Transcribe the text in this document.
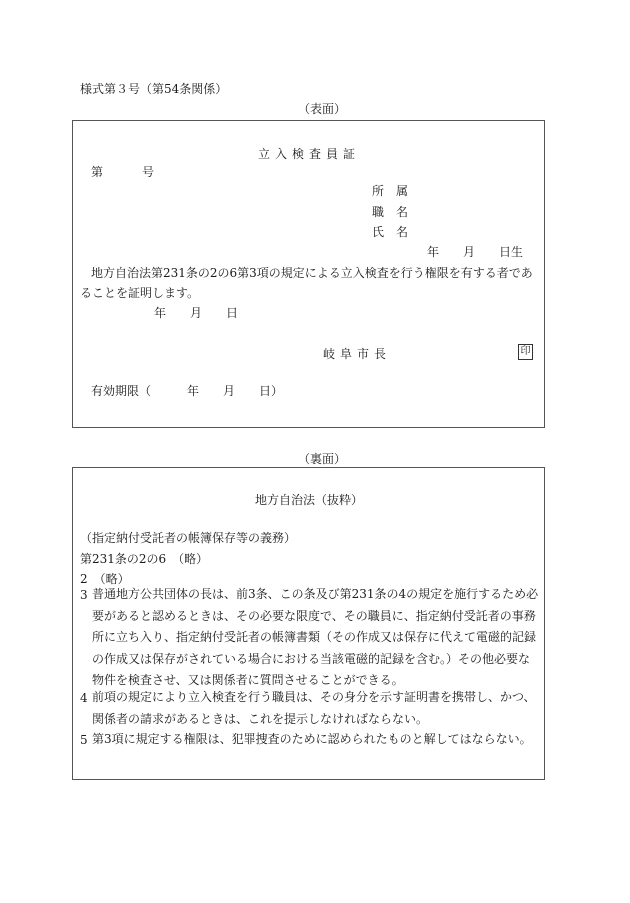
様式第３号（第54条関係）
（表面）
立入検査員証
第	号
所　属
職　名
氏　名
年　　月　　日生
地方自治法第231条の2の6第3項の規定による立入検査を行う権限を有する者であ
ることを証明します。
年　　月　　日
岐阜市長	印
有効期限（　　　年　　月　　日）
（裏面）
地方自治法（抜粋）
（指定納付受託者の帳簿保存等の義務）
第231条の2の6　（略）
2　（略）
3 普通地方公共団体の長は、前3条、この条及び第231条の4の規定を施行するため必要があると認めるときは、その必要な限度で、その職員に、指定納付受託者の事務所に立ち入り、指定納付受託者の帳簿書類（その作成又は保存に代えて電磁的記録の作成又は保存がされている場合における当該電磁的記録を含む。）その他必要な物件を検査させ、又は関係者に質問させることができる。
4 前項の規定により立入検査を行う職員は、その身分を示す証明書を携帯し、かつ、関係者の請求があるときは、これを提示しなければならない。
5 第3項に規定する権限は、犯罪捜査のために認められたものと解してはならない。
